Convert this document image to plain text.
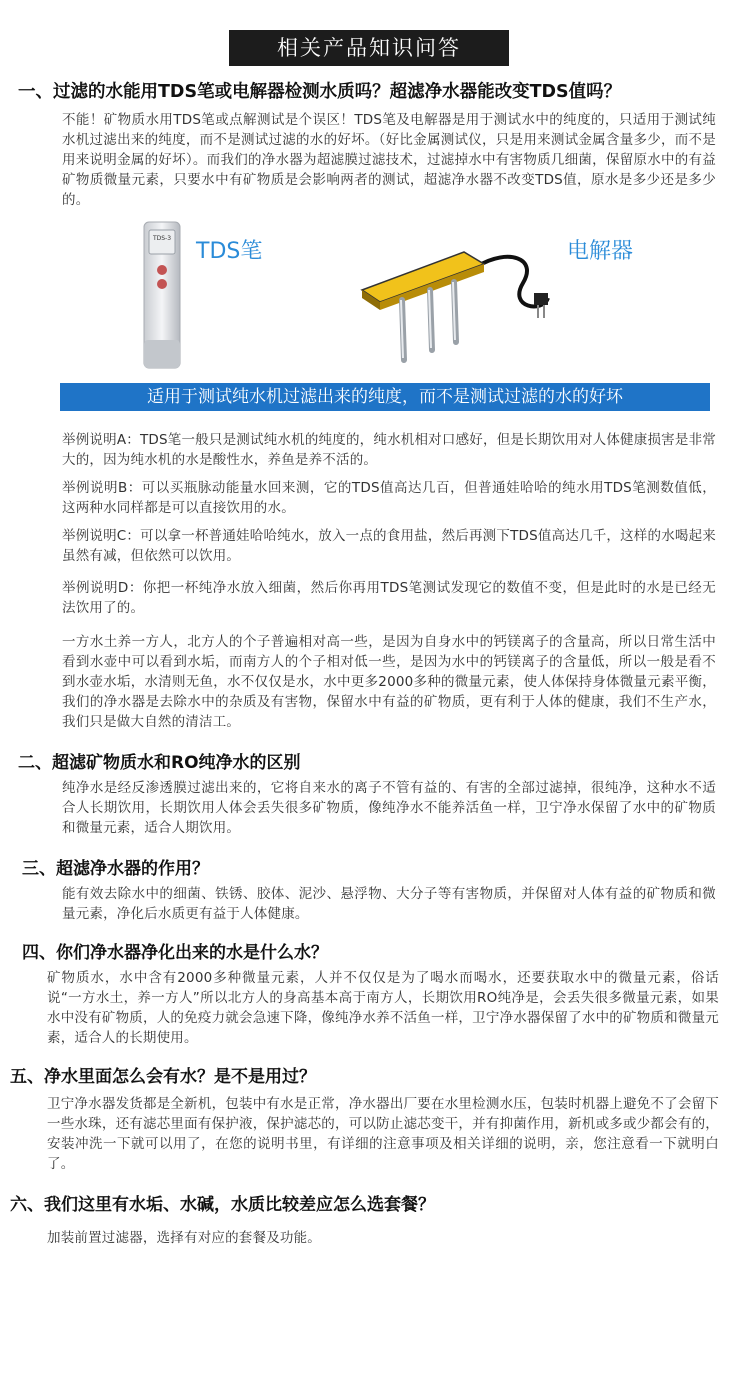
相关产品知识问答
一、过滤的水能用TDS笔或电解器检测水质吗？超滤净水器能改变TDS值吗？
不能！矿物质水用TDS笔或点解测试是个误区！TDS笔及电解器是用于测试水中的纯度的，只适用于测试纯水机过滤出来的纯度，而不是测试过滤的水的好坏。（好比金属测试仪，只是用来测试金属含量多少，而不是用来说明金属的好坏）。而我们的净水器为超滤膜过滤技术，过滤掉水中有害物质几细菌，保留原水中的有益矿物质微量元素，只要水中有矿物质是会影响两者的测试，超滤净水器不改变TDS值，原水是多少还是多少的。
TDS-3
TDS笔	电解器
适用于测试纯水机过滤出来的纯度，而不是测试过滤的水的好坏
举例说明A：TDS笔一般只是测试纯水机的纯度的，纯水机相对口感好，但是长期饮用对人体健康损害是非常大的，因为纯水机的水是酸性水，养鱼是养不活的。
举例说明B：可以买瓶脉动能量水回来测，它的TDS值高达几百，但普通娃哈哈的纯水用TDS笔测数值低，这两种水同样都是可以直接饮用的水。
举例说明C：可以拿一杯普通娃哈哈纯水，放入一点的食用盐，然后再测下TDS值高达几千，这样的水喝起来虽然有减，但依然可以饮用。
举例说明D：你把一杯纯净水放入细菌，然后你再用TDS笔测试发现它的数值不变，但是此时的水是已经无法饮用了的。
一方水土养一方人，北方人的个子普遍相对高一些，是因为自身水中的钙镁离子的含量高，所以日常生活中看到水壶中可以看到水垢，而南方人的个子相对低一些，是因为水中的钙镁离子的含量低，所以一般是看不到水壶水垢，水清则无鱼，水不仅仅是水，水中更多2000多种的微量元素，使人体保持身体微量元素平衡，我们的净水器是去除水中的杂质及有害物，保留水中有益的矿物质，更有利于人体的健康，我们不生产水，我们只是做大自然的清洁工。
二、超滤矿物质水和RO纯净水的区别
纯净水是经反渗透膜过滤出来的，它将自来水的离子不管有益的、有害的全部过滤掉，很纯净，这种水不适合人长期饮用，长期饮用人体会丢失很多矿物质，像纯净水不能养活鱼一样，卫宁净水保留了水中的矿物质和微量元素，适合人期饮用。
三、超滤净水器的作用？
能有效去除水中的细菌、铁锈、胶体、泥沙、悬浮物、大分子等有害物质，并保留对人体有益的矿物质和微量元素，净化后水质更有益于人体健康。
四、你们净水器净化出来的水是什么水？
矿物质水，水中含有2000多种微量元素，人并不仅仅是为了喝水而喝水，还要获取水中的微量元素，俗话说“一方水土，养一方人”所以北方人的身高基本高于南方人，长期饮用RO纯净是，会丢失很多微量元素，如果水中没有矿物质，人的免疫力就会急速下降，像纯净水养不活鱼一样，卫宁净水器保留了水中的矿物质和微量元素，适合人的长期使用。
五、净水里面怎么会有水？是不是用过？
卫宁净水器发货都是全新机，包装中有水是正常，净水器出厂要在水里检测水压，包装时机器上避免不了会留下一些水珠，还有滤芯里面有保护液，保护滤芯的，可以防止滤芯变干，并有抑菌作用，新机或多或少都会有的，安装冲洗一下就可以用了，在您的说明书里，有详细的注意事项及相关详细的说明，亲，您注意看一下就明白了。
六、我们这里有水垢、水碱，水质比较差应怎么选套餐？
加装前置过滤器，选择有对应的套餐及功能。
